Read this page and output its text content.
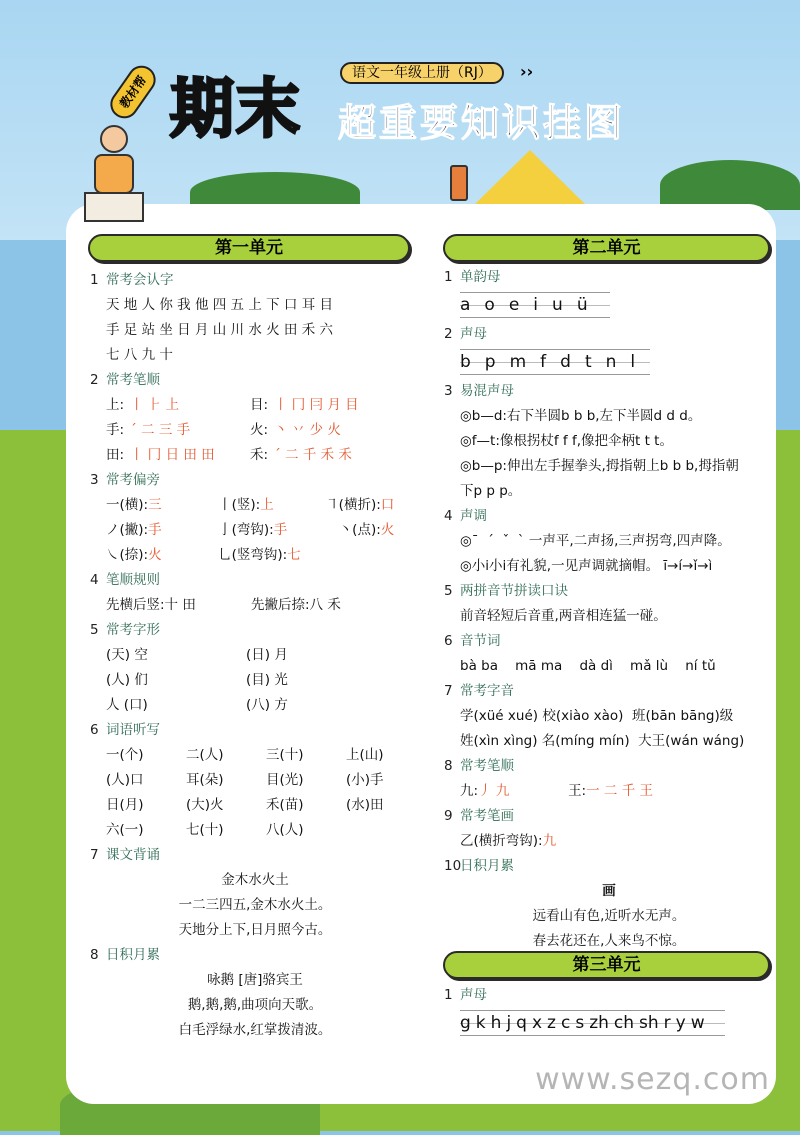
教材帮 期末	语文一年级上册（RJ）	››
超重要知识挂图
第一单元	第二单元
第三单元
1 常考会认字
天 地 人 你 我 他 四 五 上 下 口 耳 目
手 足 站 坐 日 月 山 川 水 火 田 禾 六
七 八 九 十
2 常考笔顺
上: 丨 ⺊ 上	目: 丨 冂 冃 月 目
手: ˊ 二 三 手	火: 丶 丷 少 火
田: 丨 冂 日 田 田	禾: ˊ 二 千 禾 禾
3 常考偏旁
一(横):三	丨(竖):上	㇕(横折):口
ノ(撇):手	亅(弯钩):手	丶(点):火
㇏(捺):火	乚(竖弯钩):七
4 笔顺规则
先横后竖:十 田	先撇后捺:八 禾
5 常考字形
(天) 空	(日) 月
(人) 们	(目) 光
人 (口)	(八) 方
6 词语听写
一(个)	二(人)	三(十)	上(山)
(人)口	耳(朵)	目(光)	(小)手
日(月)	(大)火	禾(苗)	(水)田
六(一)	七(十)	八(人)
7 课文背诵
金木水火土
一二三四五,金木水火土。
天地分上下,日月照今古。
8 日积月累
咏鹅 [唐]骆宾王
鹅,鹅,鹅,曲项向天歌。
白毛浮绿水,红掌拨清波。
1 单韵母
a o e i u ü
2 声母
b p m f d t n l
3 易混声母
◎b—d:右下半圆b b b,左下半圆d d d。
◎f—t:像根拐杖f f f,像把伞柄t t t。
◎b—p:伸出左手握拳头,拇指朝上b b b,拇指朝
下p p p。
4 声调
◎ˉ  ˊ  ˇ  ˋ 一声平,二声扬,三声拐弯,四声降。
◎小i小i有礼貌,一见声调就摘帽。 ī→í→ǐ→ì
5 两拼音节拼读口诀
前音轻短后音重,两音相连猛一碰。
6 音节词
bà ba    mā ma    dà dì    mǎ lù    ní tǔ
7 常考字音
学(xüé xué) 校(xiào xào)  班(bān bāng)级
姓(xìn xìng) 名(míng mín)  大王(wán wáng)
8 常考笔顺
九:丿 九	王:一 二 千 王
9 常考笔画
乙(横折弯钩):九
10日积月累
画
远看山有色,近听水无声。
春去花还在,人来鸟不惊。
1 声母
g k h j q x z c s zh ch sh r y w
www.sezq.com
